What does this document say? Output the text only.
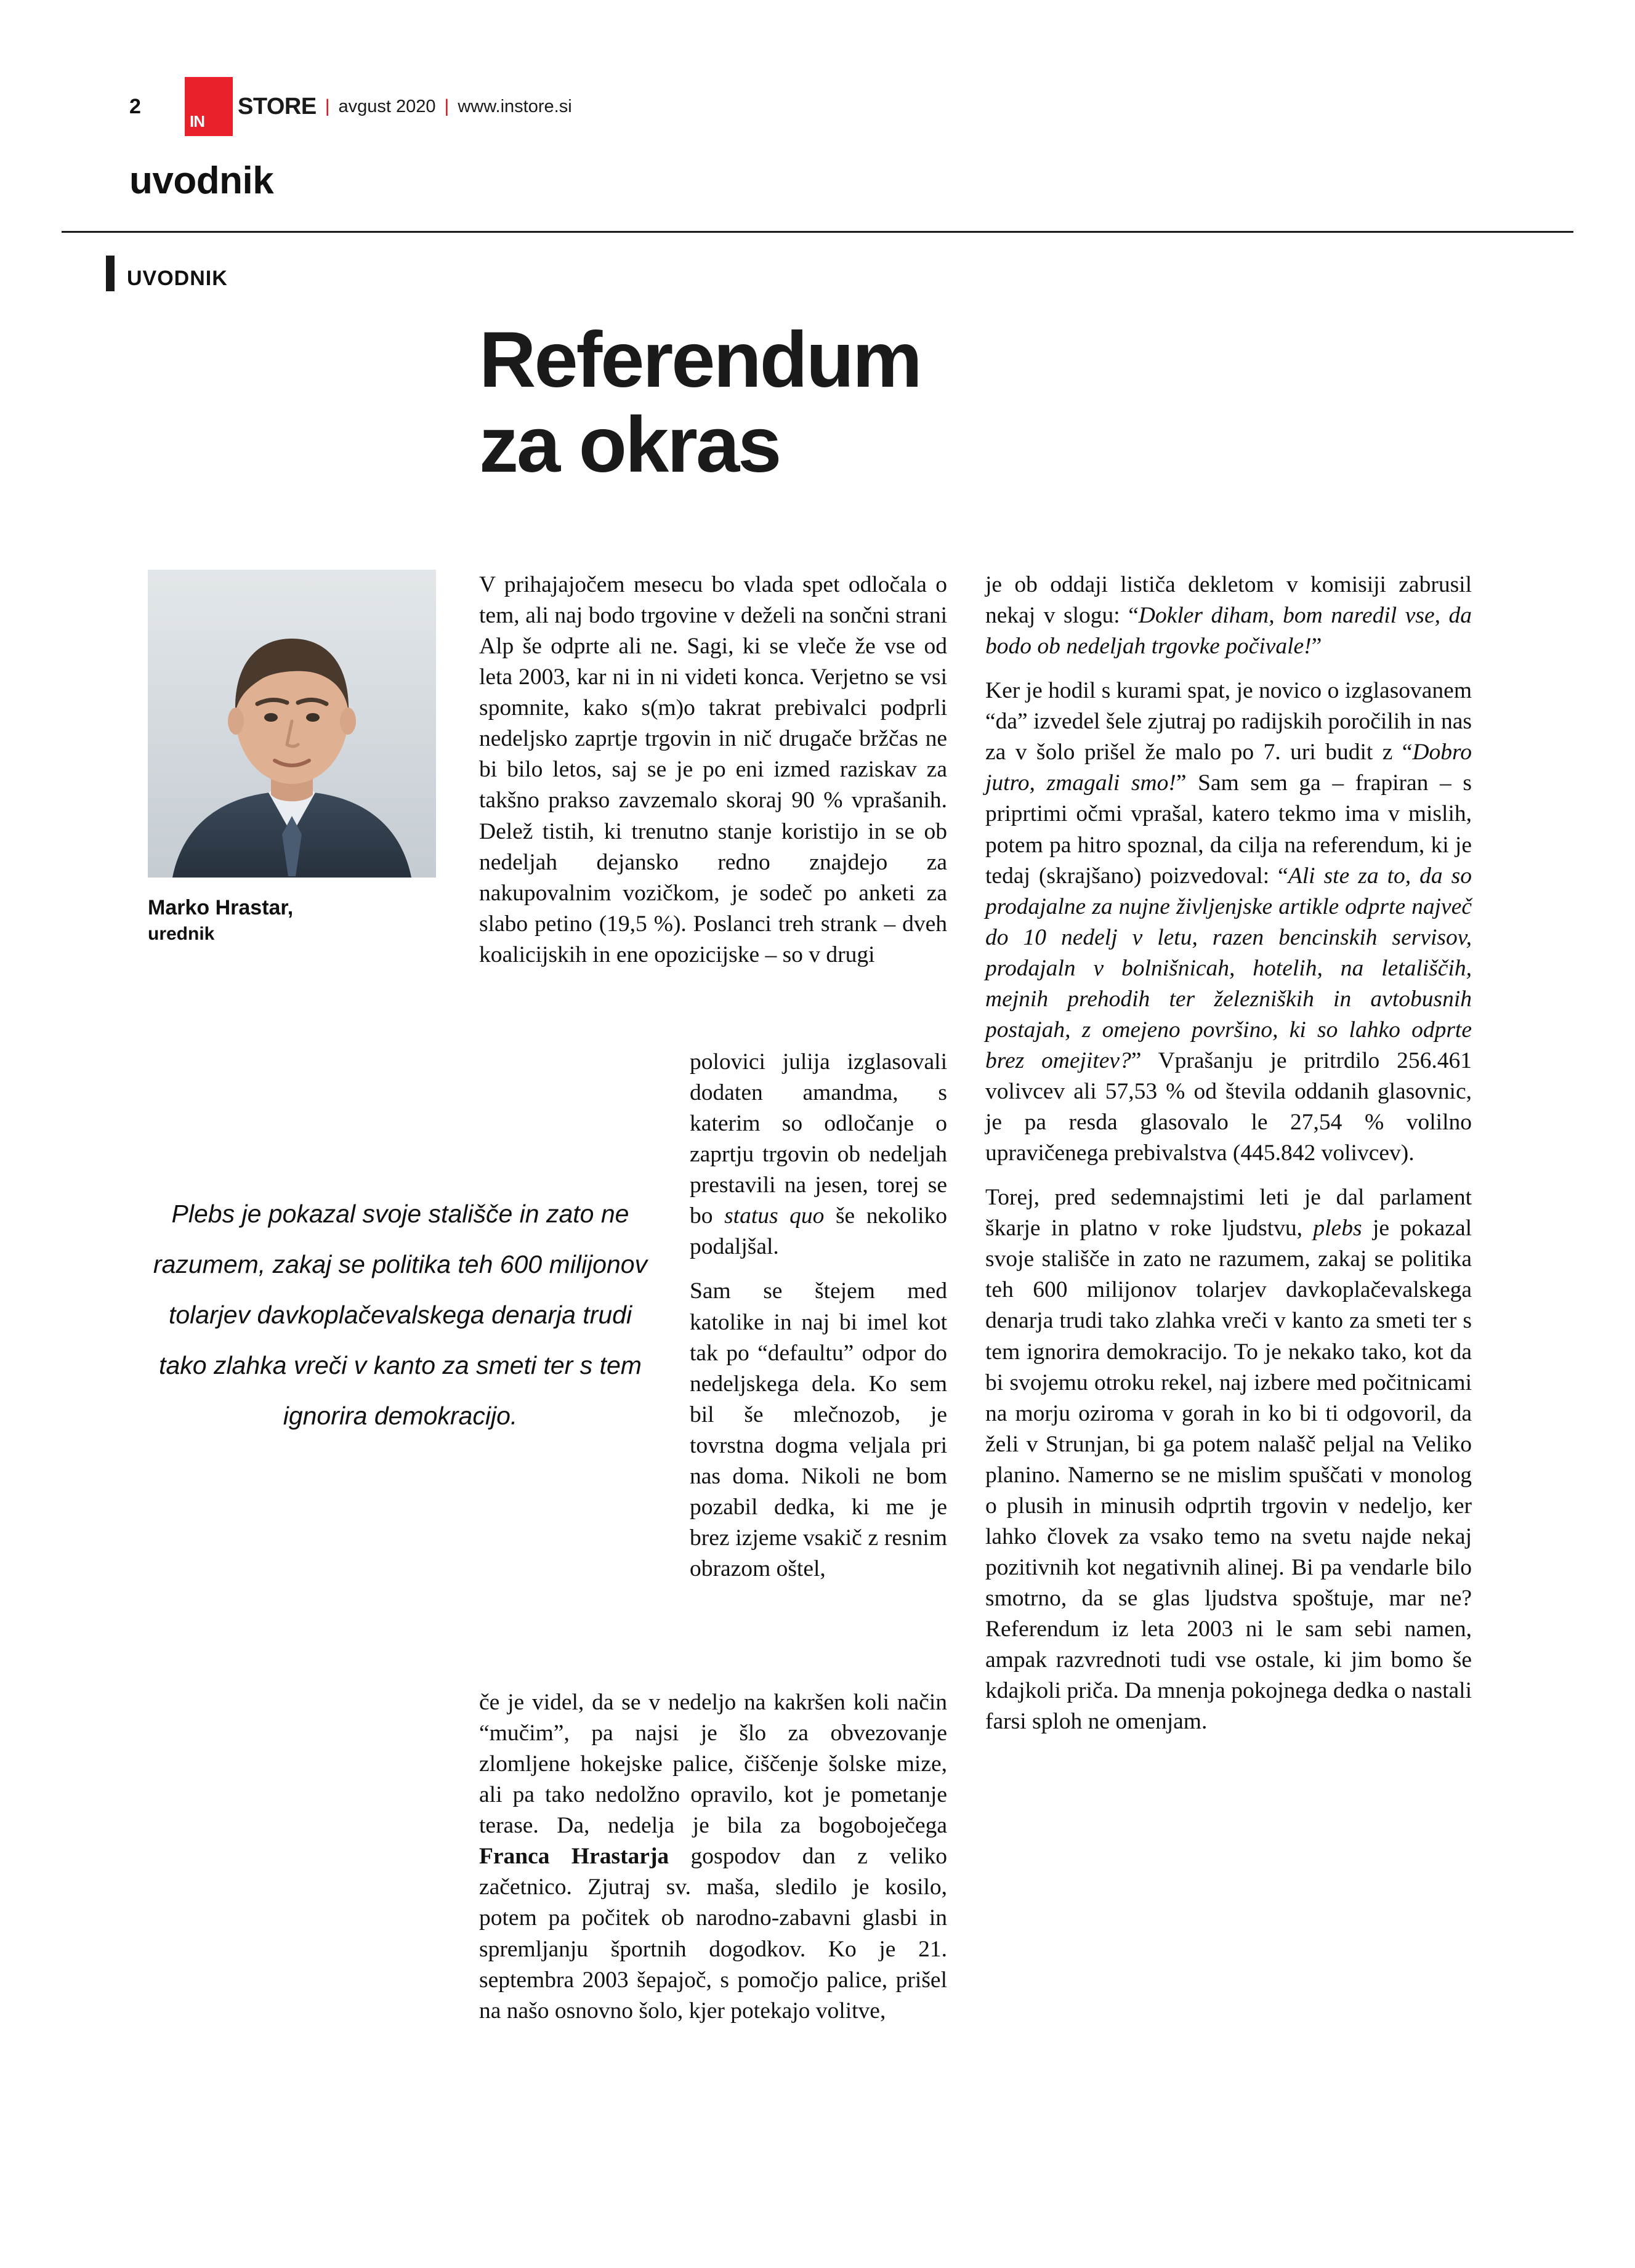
2
IN
STORE | avgust 2020 | www.instore.si
uvodnik
UVODNIK
Referendum
za okras
Marko Hrastar,
urednik
Plebs je pokazal svoje stališče in zato ne razumem, zakaj se politika teh 600 milijonov tolarjev davkoplačevalskega denarja trudi tako zlahka vreči v kanto za smeti ter s tem ignorira demokracijo.

V prihajajočem mesecu bo vlada spet odločala o tem, ali naj bodo trgovine v deželi na sončni strani Alp še odprte ali ne. Sagi, ki se vleče že vse od leta 2003, kar ni in ni videti konca. Verjetno se vsi spomnite, kako s(m)o takrat prebivalci podprli nedeljsko zaprtje trgovin in nič drugače bržčas ne bi bilo letos, saj se je po eni izmed raziskav za takšno prakso zavzemalo skoraj 90 % vprašanih. Delež tistih, ki trenutno stanje koristijo in se ob nedeljah dejansko redno znajdejo za nakupovalnim vozičkom, je sodeč po anketi za slabo petino (19,5 %). Poslanci treh strank – dveh koalicijskih in ene opozicijske – so v drugi

polovici julija izglasovali dodaten amandma, s katerim so odločanje o zaprtju trgovin ob nedeljah prestavili na jesen, torej se bo status quo še nekoliko podaljšal.

Sam se štejem med katolike in naj bi imel kot tak po “defaultu” odpor do nedeljskega dela. Ko sem bil še mlečnozob, je tovrstna dogma veljala pri nas doma. Nikoli ne bom pozabil dedka, ki me je brez izjeme vsakič z resnim obrazom oštel,

če je videl, da se v nedeljo na kakršen koli način “mučim”, pa najsi je šlo za obvezovanje zlomljene hokejske palice, čiščenje šolske mize, ali pa tako nedolžno opravilo, kot je pometanje terase. Da, nedelja je bila za bogoboječega Franca Hrastarja gospodov dan z veliko začetnico. Zjutraj sv. maša, sledilo je kosilo, potem pa počitek ob narodno-zabavni glasbi in spremljanju športnih dogodkov. Ko je 21. septembra 2003 šepajoč, s pomočjo palice, prišel na našo osnovno šolo, kjer potekajo volitve,

je ob oddaji lističa dekletom v komisiji zabrusil nekaj v slogu: “Dokler diham, bom naredil vse, da bodo ob nedeljah trgovke počivale!”

Ker je hodil s kurami spat, je novico o izglasovanem “da” izvedel šele zjutraj po radijskih poročilih in nas za v šolo prišel že malo po 7. uri budit z “Dobro jutro, zmagali smo!” Sam sem ga – frapiran – s priprtimi očmi vprašal, katero tekmo ima v mislih, potem pa hitro spoznal, da cilja na referendum, ki je tedaj (skrajšano) poizvedoval: “Ali ste za to, da so prodajalne za nujne življenjske artikle odprte največ do 10 nedelj v letu, razen bencinskih servisov, prodajaln v bolnišnicah, hotelih, na letališčih, mejnih prehodih ter železniških in avtobusnih postajah, z omejeno površino, ki so lahko odprte brez omejitev?” Vprašanju je pritrdilo 256.461 volivcev ali 57,53 % od števila oddanih glasovnic, je pa resda glasovalo le 27,54 % volilno upravičenega prebivalstva (445.842 volivcev).

Torej, pred sedemnajstimi leti je dal parlament škarje in platno v roke ljudstvu, plebs je pokazal svoje stališče in zato ne razumem, zakaj se politika teh 600 milijonov tolarjev davkoplačevalskega denarja trudi tako zlahka vreči v kanto za smeti ter s tem ignorira demokracijo. To je nekako tako, kot da bi svojemu otroku rekel, naj izbere med počitnicami na morju oziroma v gorah in ko bi ti odgovoril, da želi v Strunjan, bi ga potem nalašč peljal na Veliko planino. Namerno se ne mislim spuščati v monolog o plusih in minusih odprtih trgovin v nedeljo, ker lahko človek za vsako temo na svetu najde nekaj pozitivnih kot negativnih alinej. Bi pa vendarle bilo smotrno, da se glas ljudstva spoštuje, mar ne? Referendum iz leta 2003 ni le sam sebi namen, ampak razvrednoti tudi vse ostale, ki jim bomo še kdajkoli priča. Da mnenja pokojnega dedka o nastali farsi sploh ne omenjam.
